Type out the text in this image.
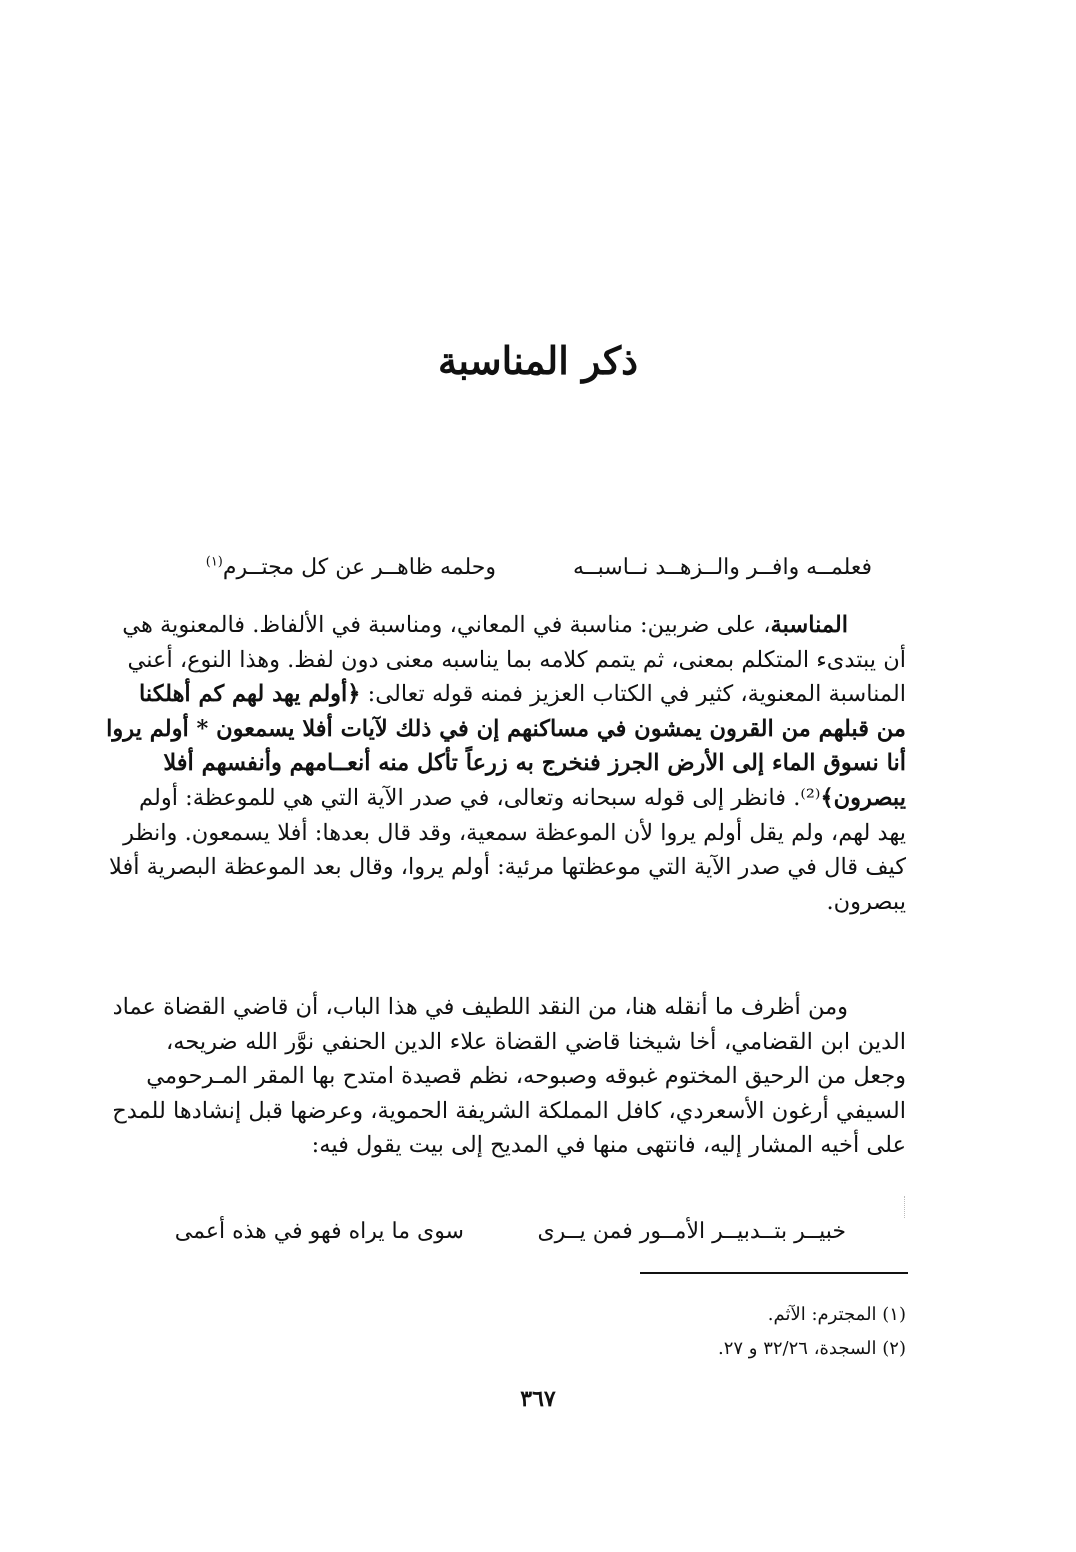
ذكر المناسبة
فعلمــه وافــر والــزهــد نــاسبــه
وحلمه ظاهــر عن كل مجتــرم$^{(١)}$
المناسبة، على ضربين: مناسبة في المعاني، ومناسبة في الألفاظ. فالمعنوية هي
أن يبتدىء المتكلم بمعنى، ثم يتمم كلامه بما يناسبه معنى دون لفظ. وهذا النوع، أعني
المناسبة المعنوية، كثير في الكتاب العزيز فمنه قوله تعالى: ﴿أولم يهد لهم كم أهلكنا
من قبلهم من القرون يمشون في مساكنهم إن في ذلك لآيات أفلا يسمعون * أولم يروا
أنا نسوق الماء إلى الأرض الجرز فنخرج به زرعاً تأكل منه أنعــامهم وأنفسهم أفلا
يبصرون﴾⁽²⁾. فانظر إلى قوله سبحانه وتعالى، في صدر الآية التي هي للموعظة: أولم
يهد لهم، ولم يقل أولم يروا لأن الموعظة سمعية، وقد قال بعدها: أفلا يسمعون. وانظر
كيف قال في صدر الآية التي موعظتها مرئية: أولم يروا، وقال بعد الموعظة البصرية أفلا
يبصرون.
ومن أظرف ما أنقله هنا، من النقد اللطيف في هذا الباب، أن قاضي القضاة عماد
الدين ابن القضامي، أخا شيخنا قاضي القضاة علاء الدين الحنفي نوَّر الله ضريحه،
وجعل من الرحيق المختوم غبوقه وصبوحه، نظم قصيدة امتدح بها المقر المـرحومي
السيفي أرغون الأسعردي، كافل المملكة الشريفة الحموية، وعرضها قبل إنشادها للمدح
على أخيه المشار إليه، فانتهى منها في المديح إلى بيت يقول فيه:
خبيــر بتــدبيــر الأمــور فمن يــرى
سوى ما يراه فهو في هذه أعمى
(١) المجترم: الآثم.
(٢) السجدة، ٣٢/٢٦ و ٢٧.
٣٦٧
